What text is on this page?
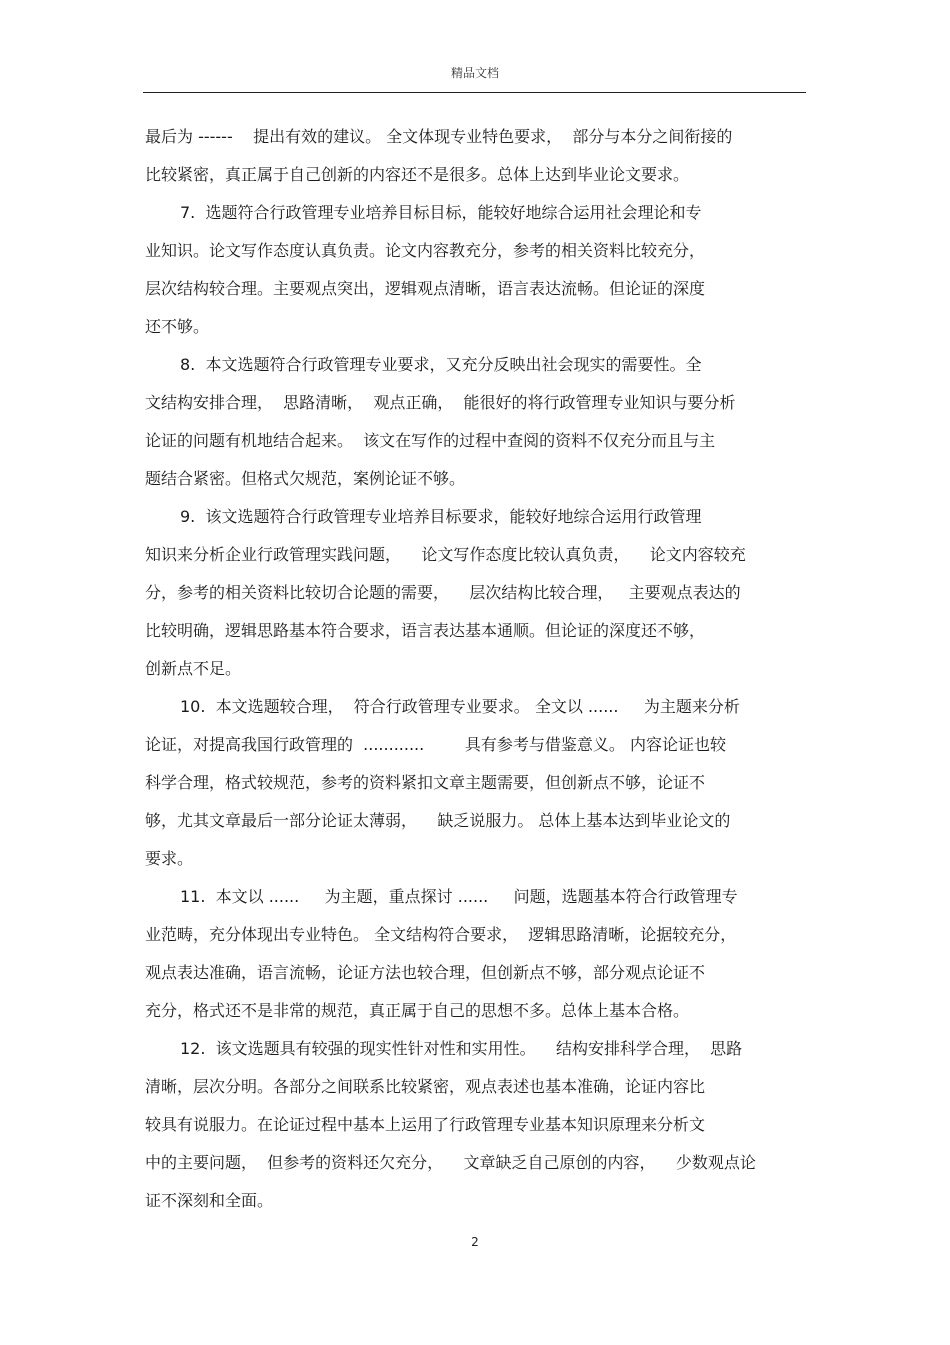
精品文档
最后为 ------    提出有效的建议。 全文体现专业特色要求，  部分与本分之间衔接的
比较紧密，真正属于自己创新的内容还不是很多。总体上达到毕业论文要求。
7.  选题符合行政管理专业培养目标目标，能较好地综合运用社会理论和专
业知识。论文写作态度认真负责。论文内容教充分，参考的相关资料比较充分，
层次结构较合理。主要观点突出，逻辑观点清晰，语言表达流畅。但论证的深度
还不够。
8.  本文选题符合行政管理专业要求，又充分反映出社会现实的需要性。全
文结构安排合理，  思路清晰，  观点正确，  能很好的将行政管理专业知识与要分析
论证的问题有机地结合起来。  该文在写作的过程中查阅的资料不仅充分而且与主
题结合紧密。但格式欠规范，案例论证不够。
9.  该文选题符合行政管理专业培养目标要求，能较好地综合运用行政管理
知识来分析企业行政管理实践问题，    论文写作态度比较认真负责，    论文内容较充
分，参考的相关资料比较切合论题的需要，    层次结构比较合理，   主要观点表达的
比较明确，逻辑思路基本符合要求，语言表达基本通顺。但论证的深度还不够，
创新点不足。
10.  本文选题较合理，  符合行政管理专业要求。 全文以 ......     为主题来分析
论证，对提高我国行政管理的  ............        具有参考与借鉴意义。 内容论证也较
科学合理，格式较规范，参考的资料紧扣文章主题需要，但创新点不够，论证不
够，尤其文章最后一部分论证太薄弱，    缺乏说服力。 总体上基本达到毕业论文的
要求。
11.  本文以 ......     为主题，重点探讨 ......     问题，选题基本符合行政管理专
业范畴，充分体现出专业特色。 全文结构符合要求，  逻辑思路清晰，论据较充分，
观点表达准确，语言流畅，论证方法也较合理，但创新点不够，部分观点论证不
充分，格式还不是非常的规范，真正属于自己的思想不多。总体上基本合格。
12.  该文选题具有较强的现实性针对性和实用性。    结构安排科学合理，  思路
清晰，层次分明。各部分之间联系比较紧密，观点表述也基本准确，论证内容比
较具有说服力。在论证过程中基本上运用了行政管理专业基本知识原理来分析文
中的主要问题，  但参考的资料还欠充分，    文章缺乏自己原创的内容，    少数观点论
证不深刻和全面。
2
